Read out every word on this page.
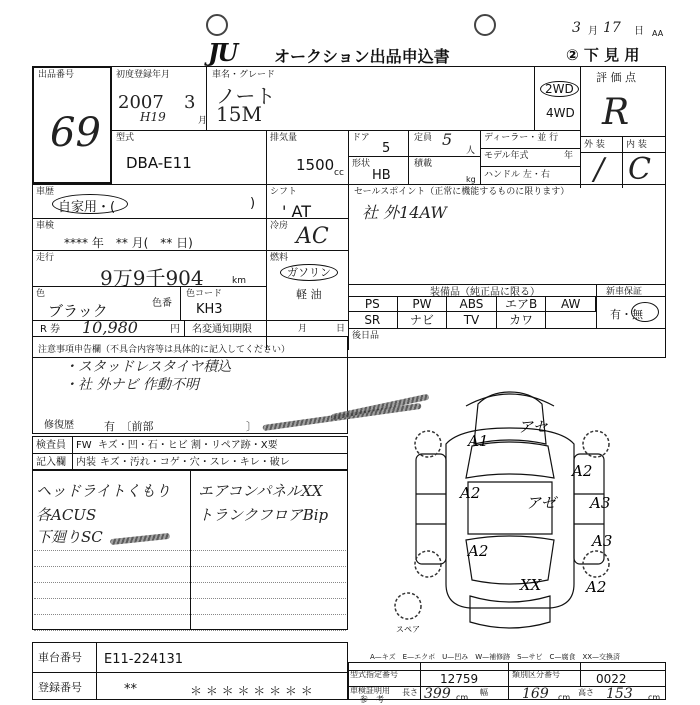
JU オークション出品申込書
3 月 17 日 AA
② 下 見 用
出品番号
69
初度登録年月
2007 3
H19	月
車名・グレード
ノート
15M
2WD
4WD
評 価 点
R
外 装 内 装
/ C
型式
DBA-E11
排気量
1500 cc
ドア
5
定員 5
人
形状
HB
積載
kg
ディーラー・並 行
モデル年式	年
ハンドル 左・右
車歴
自家用・(	)
シフト
' AT
セールスポイント（正常に機能するものに限ります）
社 外14AW
車検
**** 年　** 月(　** 日)
冷房 AC
走行
9万9千904	km
燃料
ガソリン
軽 油
色
ブラック	色番
色コード
KH3
装備品（純正品に限る）	新車保証
PS	PW	ABS	エアB	AW
SR	ナビ	TV	カワ	有・無
R 券 10,980	円 名変通知期限	月	日
後日品
注意事項申告欄（不具合内容等は具体的に記入してください）
・スタッドレスタイヤ積込
・社 外ナビ 作動不明
修復歴	有　〔前部	〕
検査員
記入欄
FW キズ・凹・石・ヒビ 割・リペア跡・X要
内装 キズ・汚れ・コゲ・穴・スレ・キレ・破レ
ヘッドライトくもり
各ACUS
下廻りSC
エアコンパネルXX
トランクフロアBip
A1
アセ
A2
A2
アゼ A3
A2
A3
XX	A2
スペア
A—キズ　E—エクボ　U—凹み　W—補修跡　S—サビ　C—腐食　XX—交換済
車台番号 E11-224131
登録番号	**	＊ ＊ ＊ ＊ ＊ ＊ ＊ ＊
型式指定番号	12759	類別区分番号	0022
車検証明用
参　考
長さ 399 cm
幅 169 cm
高さ 153 cm
